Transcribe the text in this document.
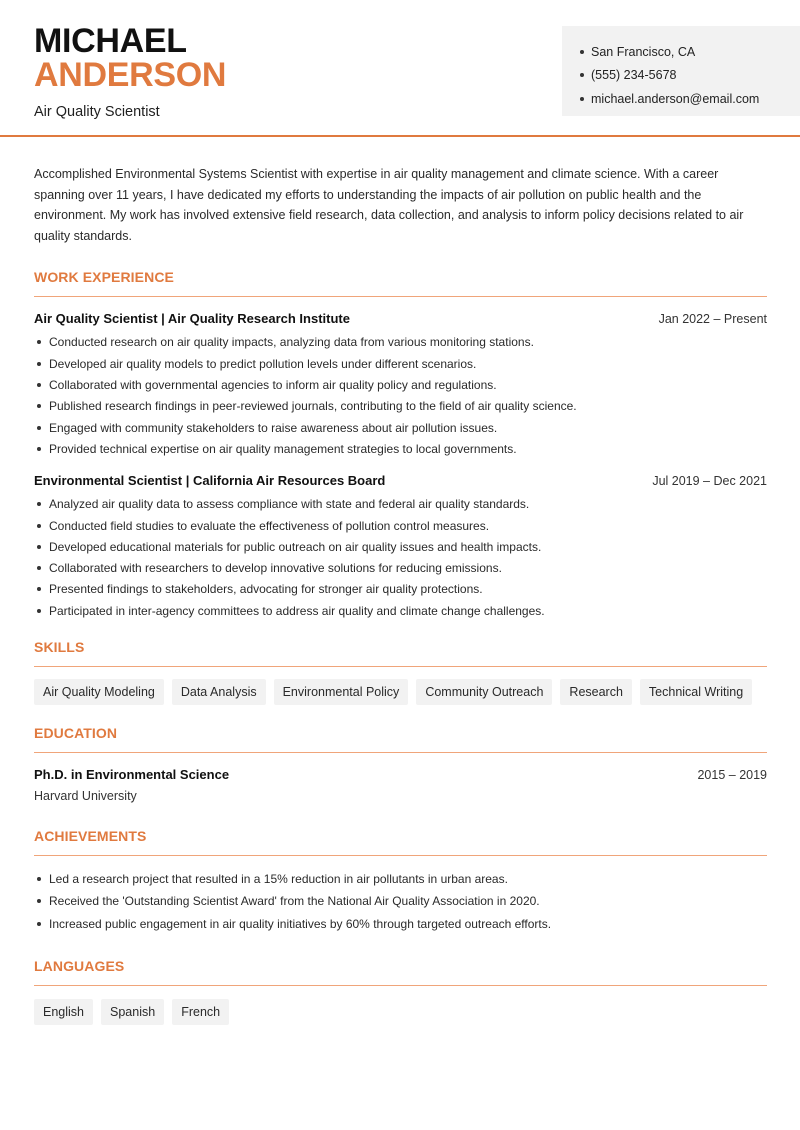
MICHAEL
ANDERSON
Air Quality Scientist
San Francisco, CA
(555) 234-5678
michael.anderson@email.com

Accomplished Environmental Systems Scientist with expertise in air quality management and climate science. With a career spanning over 11 years, I have dedicated my efforts to understanding the impacts of air pollution on public health and the environment. My work has involved extensive field research, data collection, and analysis to inform policy decisions related to air quality standards.

WORK EXPERIENCE
Air Quality Scientist | Air Quality Research Institute	Jan 2022 – Present
Conducted research on air quality impacts, analyzing data from various monitoring stations.
Developed air quality models to predict pollution levels under different scenarios.
Collaborated with governmental agencies to inform air quality policy and regulations.
Published research findings in peer-reviewed journals, contributing to the field of air quality science.
Engaged with community stakeholders to raise awareness about air pollution issues.
Provided technical expertise on air quality management strategies to local governments.
Environmental Scientist | California Air Resources Board	Jul 2019 – Dec 2021
Analyzed air quality data to assess compliance with state and federal air quality standards.
Conducted field studies to evaluate the effectiveness of pollution control measures.
Developed educational materials for public outreach on air quality issues and health impacts.
Collaborated with researchers to develop innovative solutions for reducing emissions.
Presented findings to stakeholders, advocating for stronger air quality protections.
Participated in inter-agency committees to address air quality and climate change challenges.
SKILLS
Air Quality Modeling	Data Analysis	Environmental Policy	Community Outreach	Research	Technical Writing
EDUCATION
Ph.D. in Environmental Science	2015 – 2019
Harvard University
ACHIEVEMENTS
Led a research project that resulted in a 15% reduction in air pollutants in urban areas.
Received the 'Outstanding Scientist Award' from the National Air Quality Association in 2020.
Increased public engagement in air quality initiatives by 60% through targeted outreach efforts.
LANGUAGES
English	Spanish	French
